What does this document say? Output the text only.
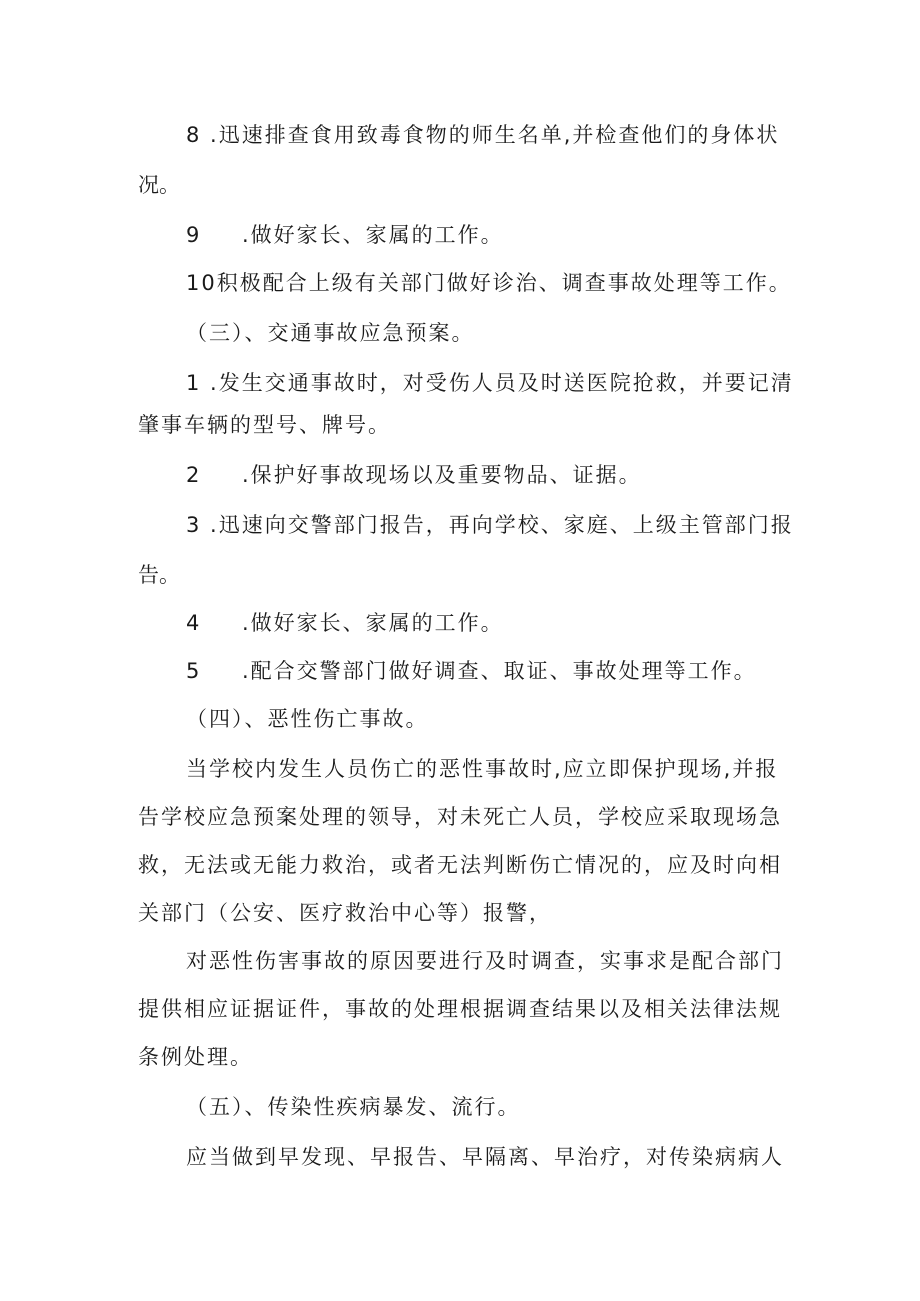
8 .迅速排查食用致毒食物的师生名单,并检查他们的身体状
况。
9 .做好家长、家属的工作。
10积极配合上级有关部门做好诊治、调查事故处理等工作。
（三）、交通事故应急预案。
1 .发生交通事故时，对受伤人员及时送医院抢救，并要记清
肇事车辆的型号、牌号。
2 .保护好事故现场以及重要物品、证据。
3 .迅速向交警部门报告，再向学校、家庭、上级主管部门报
告。
4 .做好家长、家属的工作。
5 .配合交警部门做好调查、取证、事故处理等工作。
（四）、恶性伤亡事故。
当学校内发生人员伤亡的恶性事故时,应立即保护现场,并报
告学校应急预案处理的领导，对未死亡人员，学校应采取现场急
救，无法或无能力救治，或者无法判断伤亡情况的，应及时向相
关部门（公安、医疗救治中心等）报警，
对恶性伤害事故的原因要进行及时调查，实事求是配合部门
提供相应证据证件，事故的处理根据调查结果以及相关法律法规
条例处理。
（五）、传染性疾病暴发、流行。
应当做到早发现、早报告、早隔离、早治疗，对传染病病人
